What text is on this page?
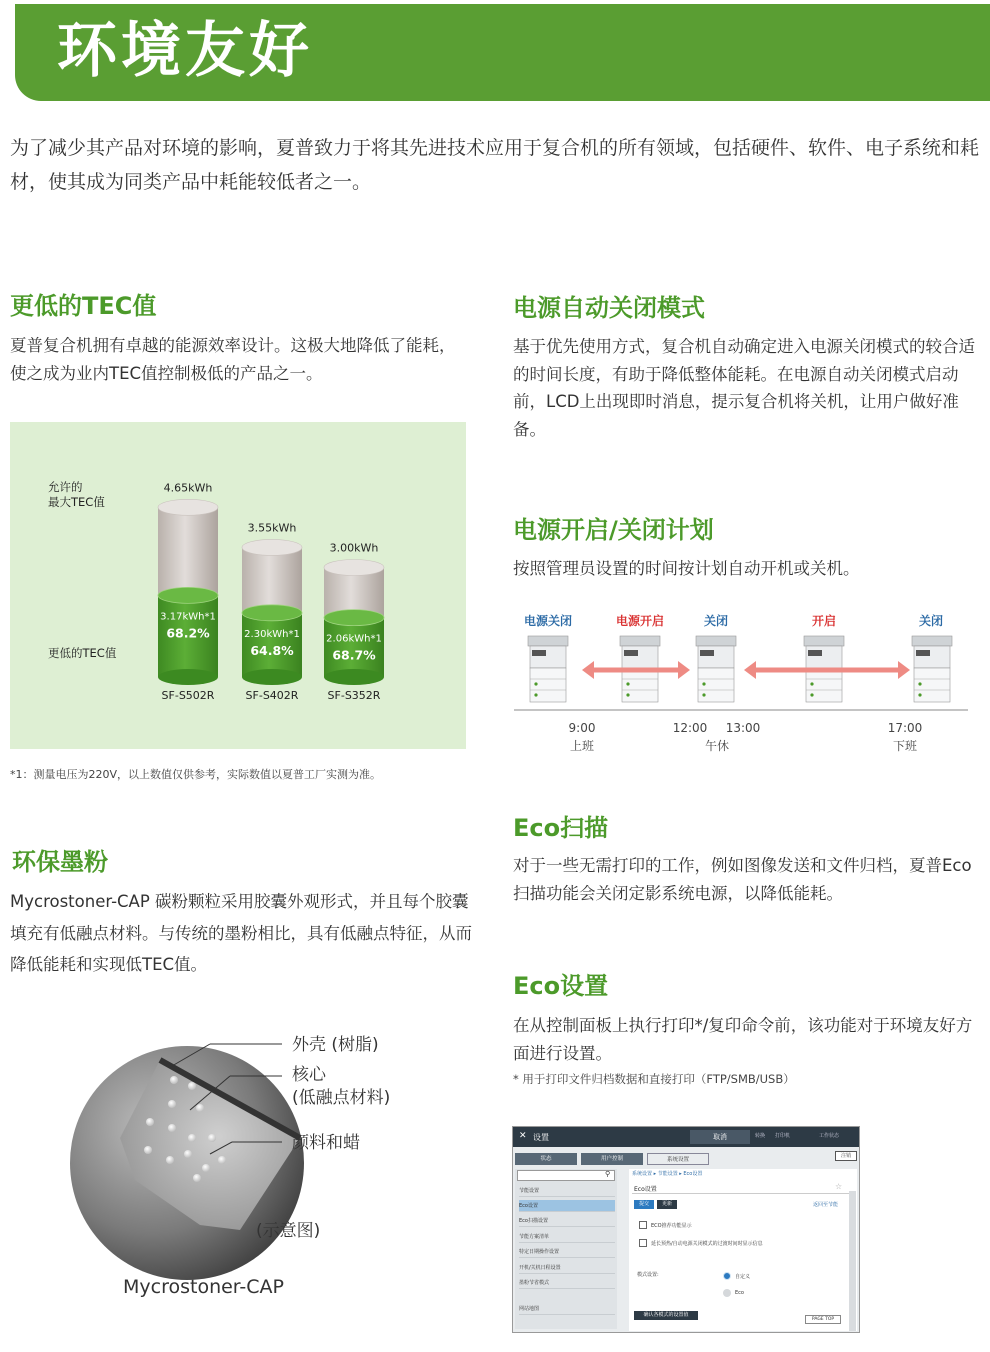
环境友好
为了减少其产品对环境的影响，夏普致力于将其先进技术应用于复合机的所有领域，包括硬件、软件、电子系统和耗材，使其成为同类产品中耗能较低者之一。
更低的TEC值
夏普复合机拥有卓越的能源效率设计。这极大地降低了能耗，使之成为业内TEC值控制极低的产品之一。
允许的
最大TEC值
更低的TEC值
4.65kWh
3.17kWh*1
68.2%
SF-S502R
3.55kWh
2.30kWh*1
64.8%
SF-S402R
3.00kWh
2.06kWh*1
68.7%
SF-S352R
*1：测量电压为220V，以上数值仅供参考，实际数值以夏普工厂实测为准。
电源自动关闭模式
基于优先使用方式，复合机自动确定进入电源关闭模式的较合适的时间长度，有助于降低整体能耗。在电源自动关闭模式启动前，LCD上出现即时消息，提示复合机将关机，让用户做好准备。
电源开启/关闭计划
按照管理员设置的时间按计划自动开机或关机。
电源关闭	电源开启	关闭	开启	关闭
9:00	12:00 13:00	17:00
上班	午休	下班
环保墨粉
Mycrostoner-CAP 碳粉颗粒采用胶囊外观形式，并且每个胶囊填充有低融点材料。与传统的墨粉相比，具有低融点特征，从而降低能耗和实现低TEC值。
外壳 (树脂)
核心
(低融点材料)
颜料和蜡
(示意图)
Mycrostoner-CAP
Eco扫描
对于一些无需打印的工作，例如图像发送和文件归档，夏普Eco扫描功能会关闭定影系统电源，以降低能耗。
Eco设置
在从控制面板上执行打印*/复印命令前，该功能对于环境友好方面进行设置。
* 用于打印文件归档数据和直接打印（FTP/SMB/USB）
✕ 设置	取消	转换 打印机	工作状态
注销
状态	用户控制	系统设置
⚲
节能设置
Eco设置
Eco扫描设置
节能方案清单
特定日期操作设置
开机/关机日程设置
墨粉节省模式
网站地图
系统设置 ▸ 节能设置 ▸ Eco设置
Eco设置	☆
提交	更新	返回至节能
ECO推荐功能显示
延长预热/自动电源关闭模式的过渡时间时显示信息
模式设置:	自定义
Eco
确认各模式的设置值
PAGE TOP
